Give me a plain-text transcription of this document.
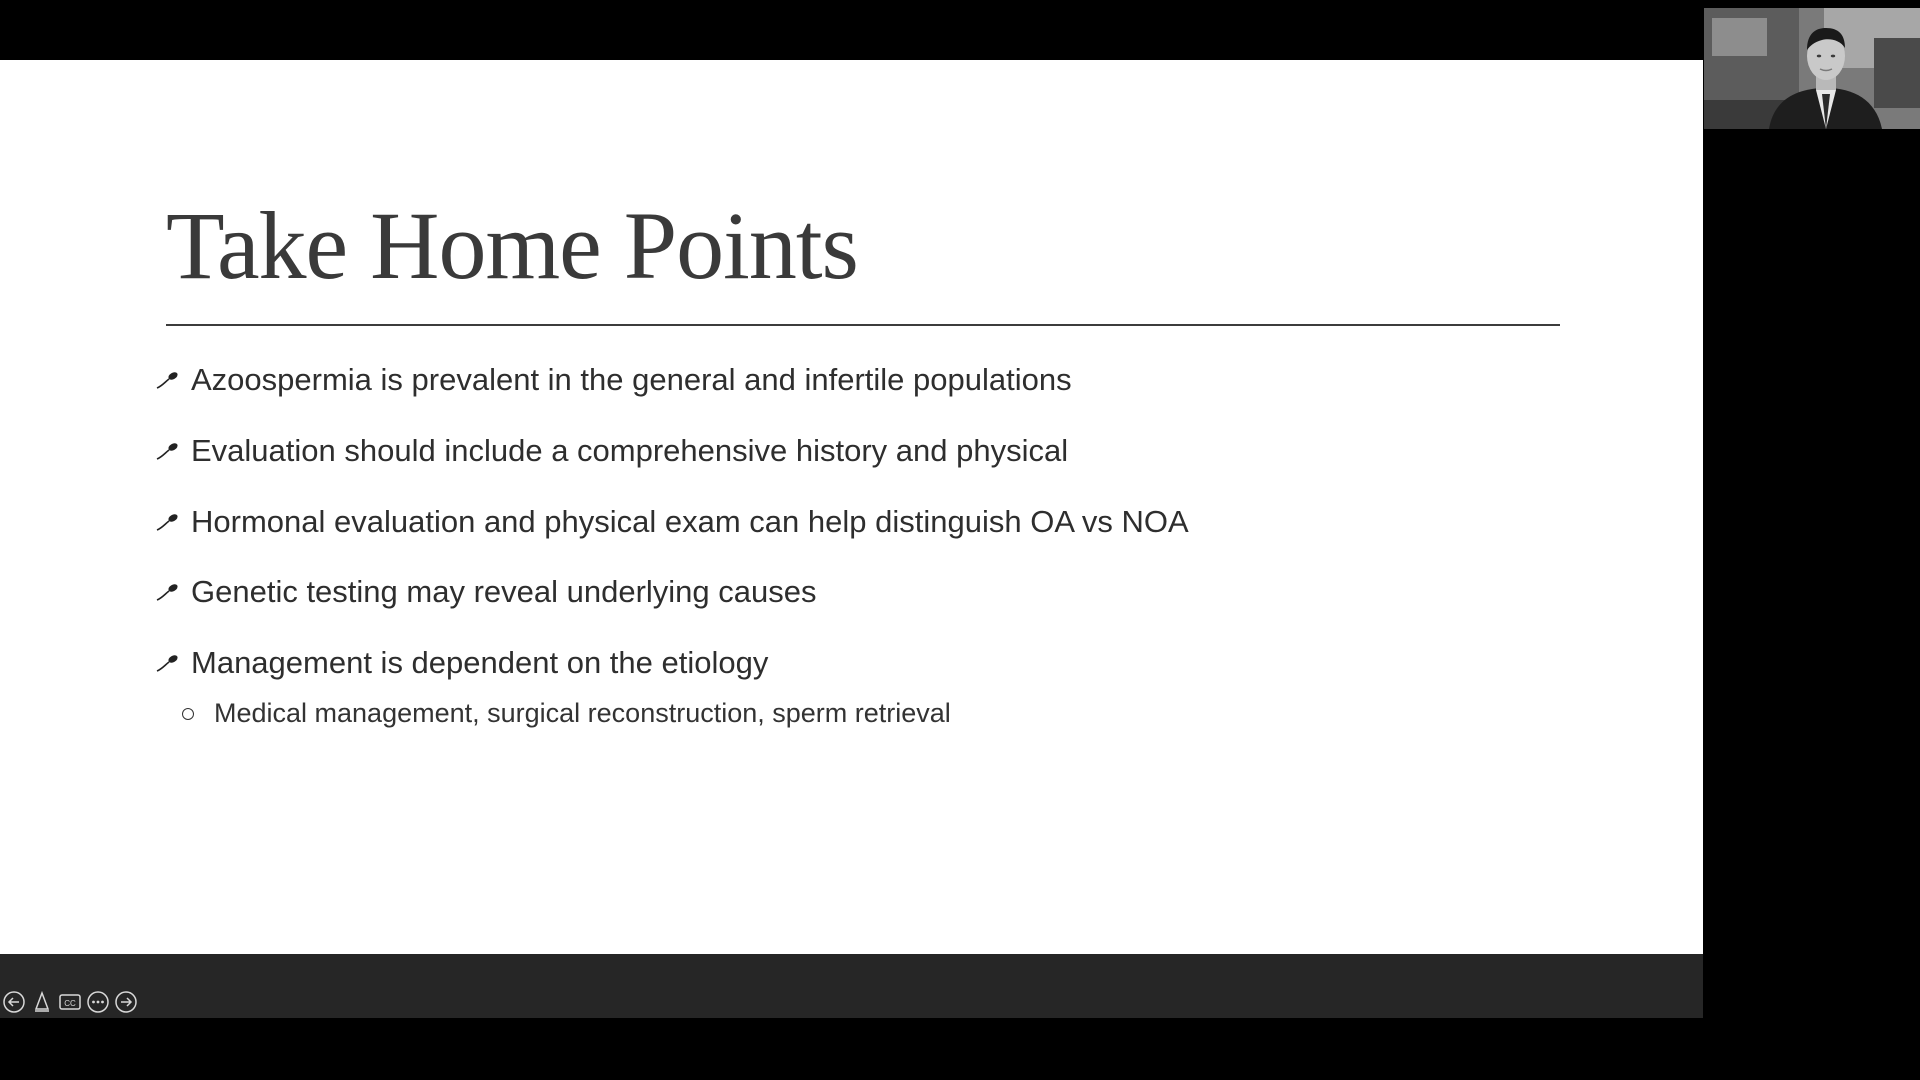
Take Home Points
Azoospermia is prevalent in the general and infertile populations
Evaluation should include a comprehensive history and physical
Hormonal evaluation and physical exam can help distinguish OA vs NOA
Genetic testing may reveal underlying causes
Management is dependent on the etiology
Medical management, surgical reconstruction, sperm retrieval
CC
